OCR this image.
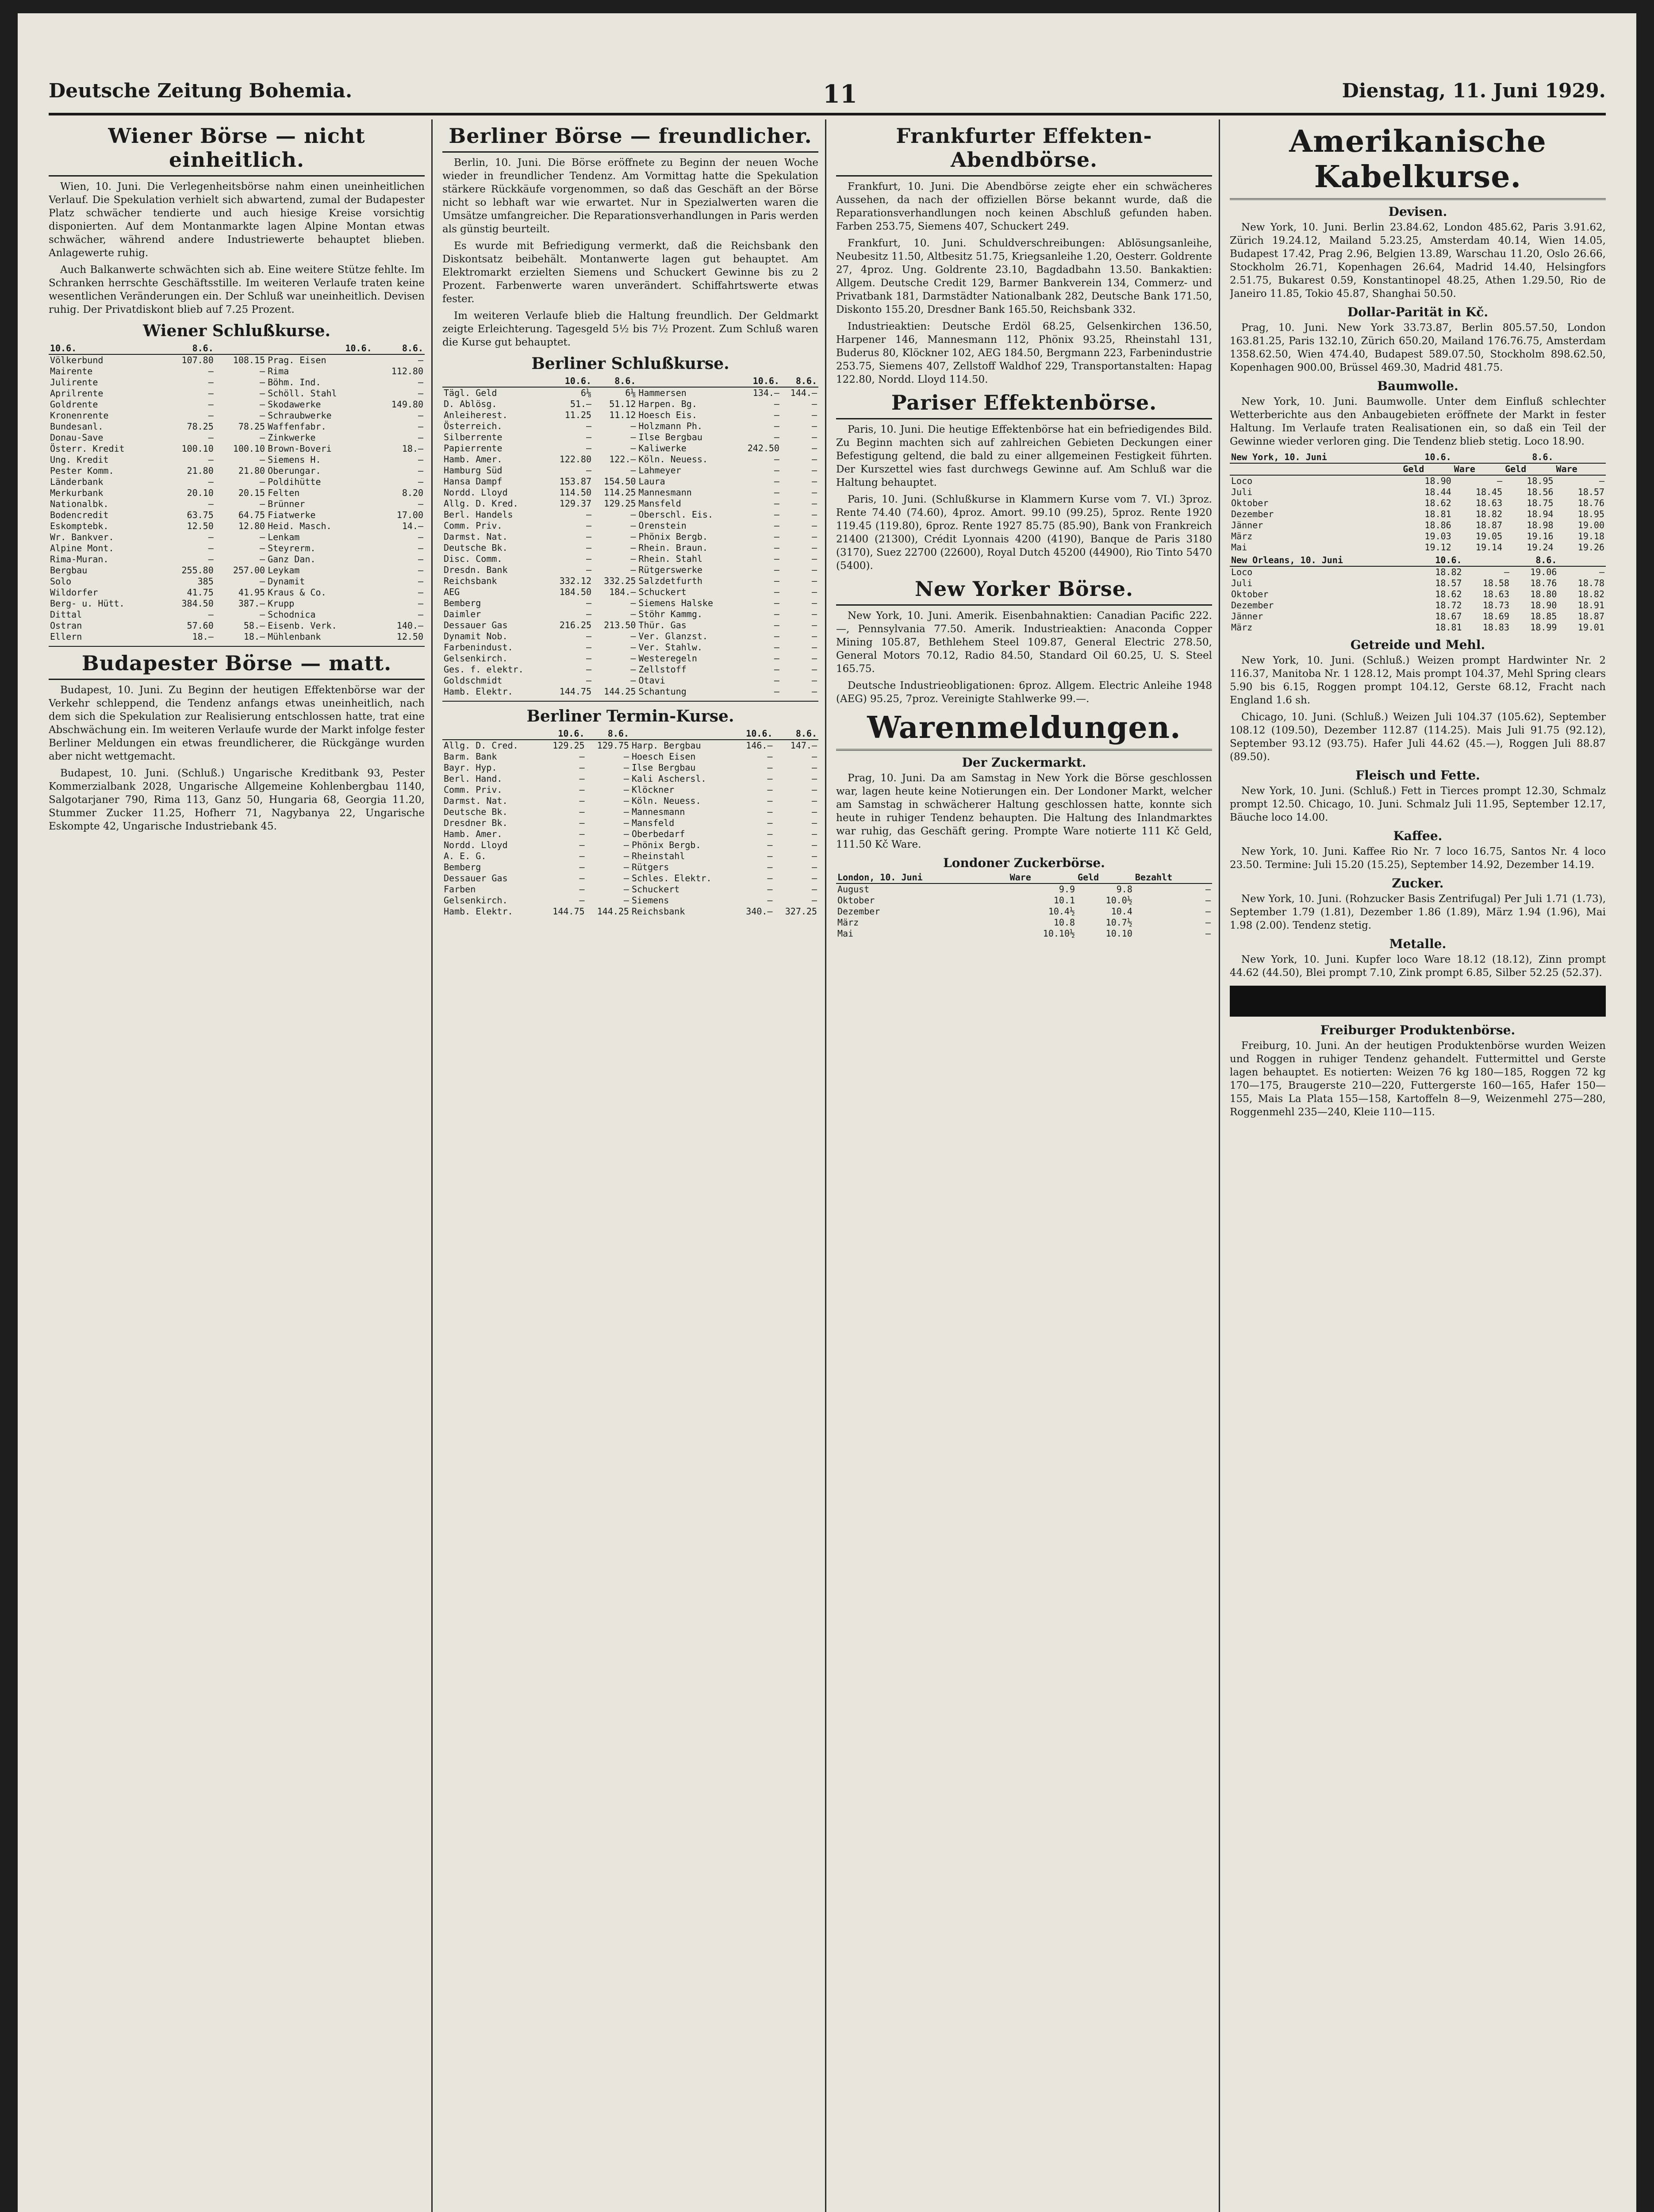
Deutsche Zeitung Bohemia.	11	Dienstag, 11. Juni 1929.
Wiener Börse — nicht einheitlich.

Wien, 10. Juni. Die Verlegenheitsbörse nahm einen uneinheitlichen Verlauf. Die Spekulation verhielt sich abwartend, zumal der Budapester Platz schwächer tendierte und auch hiesige Kreise vorsichtig disponierten. Auf dem Montanmarkte lagen Alpine Montan etwas schwächer, während andere Industriewerte behauptet blieben. Anlagewerte ruhig.

Auch Balkanwerte schwächten sich ab. Eine weitere Stütze fehlte. Im Schranken herrschte Geschäftsstille. Im weiteren Verlaufe traten keine wesentlichen Veränderungen ein. Der Schluß war uneinheitlich. Devisen ruhig. Der Privatdiskont blieb auf 7.25 Prozent.

Wiener Schlußkurse.
10.6.	8.6.		10.6.	8.6.
Völkerbund	107.80	108.15	Prag. Eisen	—
Mairente	—	—	Rima	112.80
Julirente	—	—	Böhm. Ind.	—
Aprilrente	—	—	Schöll. Stahl	—
Goldrente	—	—	Skodawerke	149.80
Kronenrente	—	—	Schraubwerke	—
Bundesanl.	78.25	78.25	Waffenfabr.	—
Donau-Save	—	—	Zinkwerke	—
Österr. Kredit	100.10	100.10	Brown-Boveri	18.—
Ung. Kredit	—	—	Siemens H.	—
Pester Komm.	21.80	21.80	Oberungar.	—
Länderbank	—	—	Poldihütte	—
Merkurbank	20.10	20.15	Felten	8.20
Nationalbk.	—	—	Brünner	—
Bodencredit	63.75	64.75	Fiatwerke	17.00
Eskomptebk.	12.50	12.80	Heid. Masch.	14.—
Wr. Bankver.	—	—	Lenkam	—
Alpine Mont.	—	—	Steyrerm.	—
Rima-Muran.	—	—	Ganz Dan.	—
Bergbau	255.80	257.00	Leykam	—
Solo	385	—	Dynamit	—
Wildorfer	41.75	41.95	Kraus & Co.	—
Berg- u. Hütt.	384.50	387.—	Krupp	—
Dittal	—	—	Schodnica	—
Ostran	57.60	58.—	Eisenb. Verk.	140.—
Ellern	18.—	18.—	Mühlenbank	12.50
Budapester Börse — matt.

Budapest, 10. Juni. Zu Beginn der heutigen Effektenbörse war der Verkehr schleppend, die Tendenz anfangs etwas uneinheitlich, nach dem sich die Spekulation zur Realisierung entschlossen hatte, trat eine Abschwächung ein. Im weiteren Verlaufe wurde der Markt infolge fester Berliner Meldungen ein etwas freundlicherer, die Rückgänge wurden aber nicht wettgemacht.

Budapest, 10. Juni. (Schluß.) Ungarische Kreditbank 93, Pester Kommerzialbank 2028, Ungarische Allgemeine Kohlenbergbau 1140, Salgotarjaner 790, Rima 113, Ganz 50, Hungaria 68, Georgia 11.20, Stummer Zucker 11.25, Hofherr 71, Nagybanya 22, Ungarische Eskompte 42, Ungarische Industriebank 45.

Berliner Börse — freundlicher.

Berlin, 10. Juni. Die Börse eröffnete zu Beginn der neuen Woche wieder in freundlicher Tendenz. Am Vormittag hatte die Spekulation stärkere Rückkäufe vorgenommen, so daß das Geschäft an der Börse nicht so lebhaft war wie erwartet. Nur in Spezialwerten waren die Umsätze umfangreicher. Die Reparationsverhandlungen in Paris werden als günstig beurteilt.

Es wurde mit Befriedigung vermerkt, daß die Reichsbank den Diskontsatz beibehält. Montanwerte lagen gut behauptet. Am Elektromarkt erzielten Siemens und Schuckert Gewinne bis zu 2 Prozent. Farbenwerte waren unverändert. Schiffahrtswerte etwas fester.

Im weiteren Verlaufe blieb die Haltung freundlich. Der Geldmarkt zeigte Erleichterung. Tagesgeld 5½ bis 7½ Prozent. Zum Schluß waren die Kurse gut behauptet.

Berliner Schlußkurse.
	10.6.	8.6.		10.6.	8.6.
Tägl. Geld	6⅛	6⅛	Hammersen	134.—	144.—
D. Ablösg.	51.—	51.12	Harpen. Bg.	—	—
Anleiherest.	11.25	11.12	Hoesch Eis.	—	—
Österreich.	—	—	Holzmann Ph.	—	—
Silberrente	—	—	Ilse Bergbau	—	—
Papierrente	—	—	Kaliwerke	242.50	—
Hamb. Amer.	122.80	122.—	Köln. Neuess.	—	—
Hamburg Süd	—	—	Lahmeyer	—	—
Hansa Dampf	153.87	154.50	Laura	—	—
Nordd. Lloyd	114.50	114.25	Mannesmann	—	—
Allg. D. Kred.	129.37	129.25	Mansfeld	—	—
Berl. Handels	—	—	Oberschl. Eis.	—	—
Comm. Priv.	—	—	Orenstein	—	—
Darmst. Nat.	—	—	Phönix Bergb.	—	—
Deutsche Bk.	—	—	Rhein. Braun.	—	—
Disc. Comm.	—	—	Rhein. Stahl	—	—
Dresdn. Bank	—	—	Rütgerswerke	—	—
Reichsbank	332.12	332.25	Salzdetfurth	—	—
AEG	184.50	184.—	Schuckert	—	—
Bemberg	—	—	Siemens Halske	—	—
Daimler	—	—	Stöhr Kammg.	—	—
Dessauer Gas	216.25	213.50	Thür. Gas	—	—
Dynamit Nob.	—	—	Ver. Glanzst.	—	—
Farbenindust.	—	—	Ver. Stahlw.	—	—
Gelsenkirch.	—	—	Westeregeln	—	—
Ges. f. elektr.	—	—	Zellstoff	—	—
Goldschmidt	—	—	Otavi	—	—
Hamb. Elektr.	144.75	144.25	Schantung	—	—
Berliner Termin-Kurse.
	10.6.	8.6.		10.6.	8.6.
Allg. D. Cred.	129.25	129.75	Harp. Bergbau	146.—	147.—
Barm. Bank	—	—	Hoesch Eisen	—	—
Bayr. Hyp.	—	—	Ilse Bergbau	—	—
Berl. Hand.	—	—	Kali Aschersl.	—	—
Comm. Priv.	—	—	Klöckner	—	—
Darmst. Nat.	—	—	Köln. Neuess.	—	—
Deutsche Bk.	—	—	Mannesmann	—	—
Dresdner Bk.	—	—	Mansfeld	—	—
Hamb. Amer.	—	—	Oberbedarf	—	—
Nordd. Lloyd	—	—	Phönix Bergb.	—	—
A. E. G.	—	—	Rheinstahl	—	—
Bemberg	—	—	Rütgers	—	—
Dessauer Gas	—	—	Schles. Elektr.	—	—
Farben	—	—	Schuckert	—	—
Gelsenkirch.	—	—	Siemens	—	—
Hamb. Elektr.	144.75	144.25	Reichsbank	340.—	327.25
Frankfurter Effekten-Abendbörse.

Frankfurt, 10. Juni. Die Abendbörse zeigte eher ein schwächeres Aussehen, da nach der offiziellen Börse bekannt wurde, daß die Reparationsverhandlungen noch keinen Abschluß gefunden haben. Farben 253.75, Siemens 407, Schuckert 249.

Frankfurt, 10. Juni. Schuldverschreibungen: Ablösungsanleihe, Neubesitz 11.50, Altbesitz 51.75, Kriegsanleihe 1.20, Oesterr. Goldrente 27, 4proz. Ung. Goldrente 23.10, Bagdadbahn 13.50. Bankaktien: Allgem. Deutsche Credit 129, Barmer Bankverein 134, Commerz- und Privatbank 181, Darmstädter Nationalbank 282, Deutsche Bank 171.50, Diskonto 155.20, Dresdner Bank 165.50, Reichsbank 332.

Industrieaktien: Deutsche Erdöl 68.25, Gelsenkirchen 136.50, Harpener 146, Mannesmann 112, Phönix 93.25, Rheinstahl 131, Buderus 80, Klöckner 102, AEG 184.50, Bergmann 223, Farbenindustrie 253.75, Siemens 407, Zellstoff Waldhof 229, Transportanstalten: Hapag 122.80, Nordd. Lloyd 114.50.

Pariser Effektenbörse.

Paris, 10. Juni. Die heutige Effektenbörse hat ein befriedigendes Bild. Zu Beginn machten sich auf zahlreichen Gebieten Deckungen einer Befestigung geltend, die bald zu einer allgemeinen Festigkeit führten. Der Kurszettel wies fast durchwegs Gewinne auf. Am Schluß war die Haltung behauptet.

Paris, 10. Juni. (Schlußkurse in Klammern Kurse vom 7. VI.) 3proz. Rente 74.40 (74.60), 4proz. Amort. 99.10 (99.25), 5proz. Rente 1920 119.45 (119.80), 6proz. Rente 1927 85.75 (85.90), Bank von Frankreich 21400 (21300), Crédit Lyonnais 4200 (4190), Banque de Paris 3180 (3170), Suez 22700 (22600), Royal Dutch 45200 (44900), Rio Tinto 5470 (5400).

New Yorker Börse.

New York, 10. Juni. Amerik. Eisenbahnaktien: Canadian Pacific 222.—, Pennsylvania 77.50. Amerik. Industrieaktien: Anaconda Copper Mining 105.87, Bethlehem Steel 109.87, General Electric 278.50, General Motors 70.12, Radio 84.50, Standard Oil 60.25, U. S. Steel 165.75.

Deutsche Industrieobligationen: 6proz. Allgem. Electric Anleihe 1948 (AEG) 95.25, 7proz. Vereinigte Stahlwerke 99.—.

Warenmeldungen.
Der Zuckermarkt.

Prag, 10. Juni. Da am Samstag in New York die Börse geschlossen war, lagen heute keine Notierungen ein. Der Londoner Markt, welcher am Samstag in schwächerer Haltung geschlossen hatte, konnte sich heute in ruhiger Tendenz behaupten. Die Haltung des Inlandmarktes war ruhig, das Geschäft gering. Prompte Ware notierte 111 Kč Geld, 111.50 Kč Ware.

Londoner Zuckerbörse.
London, 10. Juni	Ware	Geld	Bezahlt
August	9.9	9.8	—
Oktober	10.1	10.0½	—
Dezember	10.4½	10.4	—
März	10.8	10.7½	—
Mai	10.10½	10.10	—
Amerikanische Kabelkurse.
Devisen.

New York, 10. Juni. Berlin 23.84.62, London 485.62, Paris 3.91.62, Zürich 19.24.12, Mailand 5.23.25, Amsterdam 40.14, Wien 14.05, Budapest 17.42, Prag 2.96, Belgien 13.89, Warschau 11.20, Oslo 26.66, Stockholm 26.71, Kopenhagen 26.64, Madrid 14.40, Helsingfors 2.51.75, Bukarest 0.59, Konstantinopel 48.25, Athen 1.29.50, Rio de Janeiro 11.85, Tokio 45.87, Shanghai 50.50.

Dollar-Parität in Kč.

Prag, 10. Juni. New York 33.73.87, Berlin 805.57.50, London 163.81.25, Paris 132.10, Zürich 650.20, Mailand 176.76.75, Amsterdam 1358.62.50, Wien 474.40, Budapest 589.07.50, Stockholm 898.62.50, Kopenhagen 900.00, Brüssel 469.30, Madrid 481.75.

Baumwolle.

New York, 10. Juni. Baumwolle. Unter dem Einfluß schlechter Wetterberichte aus den Anbaugebieten eröffnete der Markt in fester Haltung. Im Verlaufe traten Realisationen ein, so daß ein Teil der Gewinne wieder verloren ging. Die Tendenz blieb stetig. Loco 18.90.

New York, 10. Juni	10.6.		8.6.	
	Geld	Ware	Geld	Ware
Loco	18.90	—	18.95	—
Juli	18.44	18.45	18.56	18.57
Oktober	18.62	18.63	18.75	18.76
Dezember	18.81	18.82	18.94	18.95
Jänner	18.86	18.87	18.98	19.00
März	19.03	19.05	19.16	19.18
Mai	19.12	19.14	19.24	19.26
New Orleans, 10. Juni	10.6.		8.6.	
Loco	18.82	—	19.06	—
Juli	18.57	18.58	18.76	18.78
Oktober	18.62	18.63	18.80	18.82
Dezember	18.72	18.73	18.90	18.91
Jänner	18.67	18.69	18.85	18.87
März	18.81	18.83	18.99	19.01
Getreide und Mehl.

New York, 10. Juni. (Schluß.) Weizen prompt Hardwinter Nr. 2 116.37, Manitoba Nr. 1 128.12, Mais prompt 104.37, Mehl Spring clears 5.90 bis 6.15, Roggen prompt 104.12, Gerste 68.12, Fracht nach England 1.6 sh.

Chicago, 10. Juni. (Schluß.) Weizen Juli 104.37 (105.62), September 108.12 (109.50), Dezember 112.87 (114.25). Mais Juli 91.75 (92.12), September 93.12 (93.75). Hafer Juli 44.62 (45.—), Roggen Juli 88.87 (89.50).

Fleisch und Fette.

New York, 10. Juni. (Schluß.) Fett in Tierces prompt 12.30, Schmalz prompt 12.50. Chicago, 10. Juni. Schmalz Juli 11.95, September 12.17, Bäuche loco 14.00.

Kaffee.

New York, 10. Juni. Kaffee Rio Nr. 7 loco 16.75, Santos Nr. 4 loco 23.50. Termine: Juli 15.20 (15.25), September 14.92, Dezember 14.19.

Zucker.

New York, 10. Juni. (Rohzucker Basis Zentrifugal) Per Juli 1.71 (1.73), September 1.79 (1.81), Dezember 1.86 (1.89), März 1.94 (1.96), Mai 1.98 (2.00). Tendenz stetig.

Metalle.

New York, 10. Juni. Kupfer loco Ware 18.12 (18.12), Zinn prompt 44.62 (44.50), Blei prompt 7.10, Zink prompt 6.85, Silber 52.25 (52.37).

Freiburger Produktenbörse.

Freiburg, 10. Juni. An der heutigen Produktenbörse wurden Weizen und Roggen in ruhiger Tendenz gehandelt. Futtermittel und Gerste lagen behauptet. Es notierten: Weizen 76 kg 180—185, Roggen 72 kg 170—175, Braugerste 210—220, Futtergerste 160—165, Hafer 150—155, Mais La Plata 155—158, Kartoffeln 8—9, Weizenmehl 275—280, Roggenmehl 235—240, Kleie 110—115.
